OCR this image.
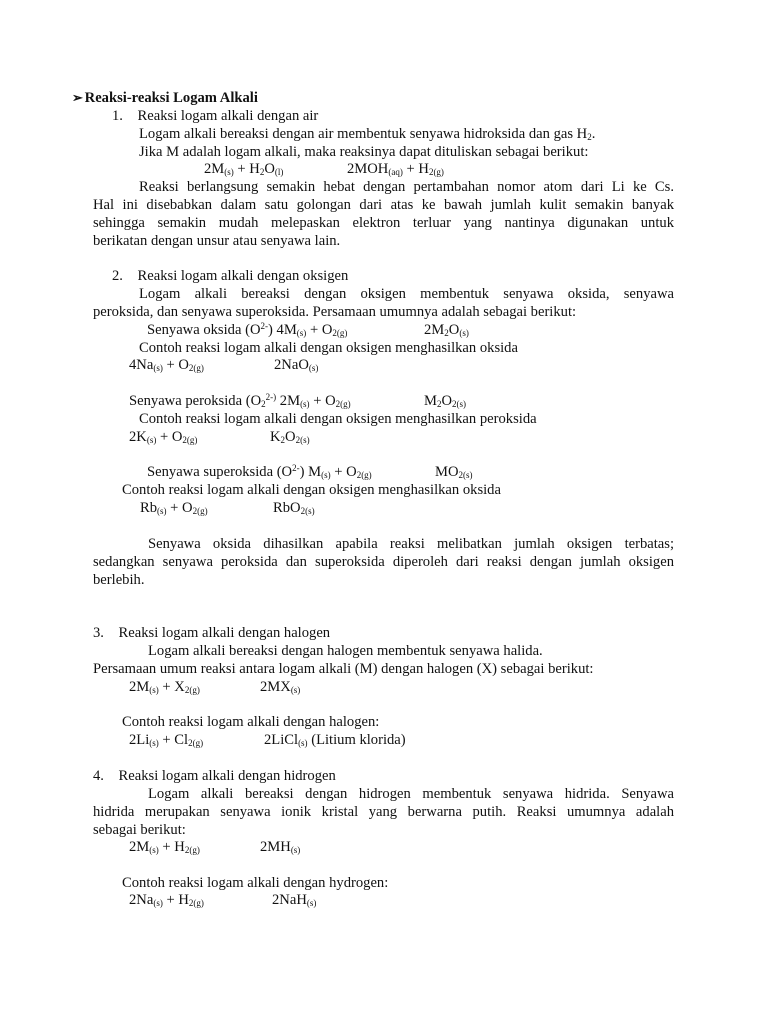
➢ Reaksi-reaksi Logam Alkali
1. Reaksi logam alkali dengan air
Logam alkali bereaksi dengan air membentuk senyawa hidroksida dan gas $H_2$.
Jika M adalah logam alkali, maka reaksinya dapat dituliskan sebagai berikut:
$2M_{(s)} + H_2O_{(l)}$	$2MOH_{(aq)} + H_{2(g)}$
Reaksi berlangsung semakin hebat dengan pertambahan nomor atom dari Li ke Cs.
Hal ini disebabkan dalam satu golongan dari atas ke bawah jumlah kulit semakin banyak
sehingga semakin mudah melepaskan elektron terluar yang nantinya digunakan untuk
berikatan dengan unsur atau senyawa lain.
2. Reaksi logam alkali dengan oksigen
Logam alkali bereaksi dengan oksigen membentuk senyawa oksida, senyawa
peroksida, dan senyawa superoksida. Persamaan umumnya adalah sebagai berikut:
Senyawa oksida $(O^{2-}) 4M_{(s)} + O_{2(g)}$	$2M_2O_{(s)}$
Contoh reaksi logam alkali dengan oksigen menghasilkan oksida
$4Na_{(s)} + O_{2(g)}$	2NaO$_{(s)}$
Senyawa peroksida ($O_2^{2-)}$ $2M_{(s)} + O_{2(g)}$	$M_2O_{2(s)}$
Contoh reaksi logam alkali dengan oksigen menghasilkan peroksida
$2K_{(s)} + O_{2(g)}$	$K_2O_{2(s)}$
Senyawa superoksida $(O^{2-}) M_{(s)} + O_{2(g)}$	$MO_{2(s)}$
Contoh reaksi logam alkali dengan oksigen menghasilkan oksida
$Rb_{(s)} + O_{2(g)}$	RbO$_{2(s)}$
Senyawa oksida dihasilkan apabila reaksi melibatkan jumlah oksigen terbatas;
sedangkan senyawa peroksida dan superoksida diperoleh dari reaksi dengan jumlah oksigen
berlebih.
3. Reaksi logam alkali dengan halogen
Logam alkali bereaksi dengan halogen membentuk senyawa halida.
Persamaan umum reaksi antara logam alkali (M) dengan halogen (X) sebagai berikut:
$2M_{(s)} + X_{2(g)}$	$2MX_{(s)}$
Contoh reaksi logam alkali dengan halogen:
$2Li_{(s)} + Cl_{2(g)}$	2LiCl$_{(s)}$ (Litium klorida)
4. Reaksi logam alkali dengan hidrogen
Logam alkali bereaksi dengan hidrogen membentuk senyawa hidrida. Senyawa
hidrida merupakan senyawa ionik kristal yang berwarna putih. Reaksi umumnya adalah
sebagai berikut:
$2M_{(s)} + H_{2(g)}$	$2MH_{(s)}$
Contoh reaksi logam alkali dengan hydrogen:
$2Na_{(s)} + H_{2(g)}$	2NaH$_{(s)}$
